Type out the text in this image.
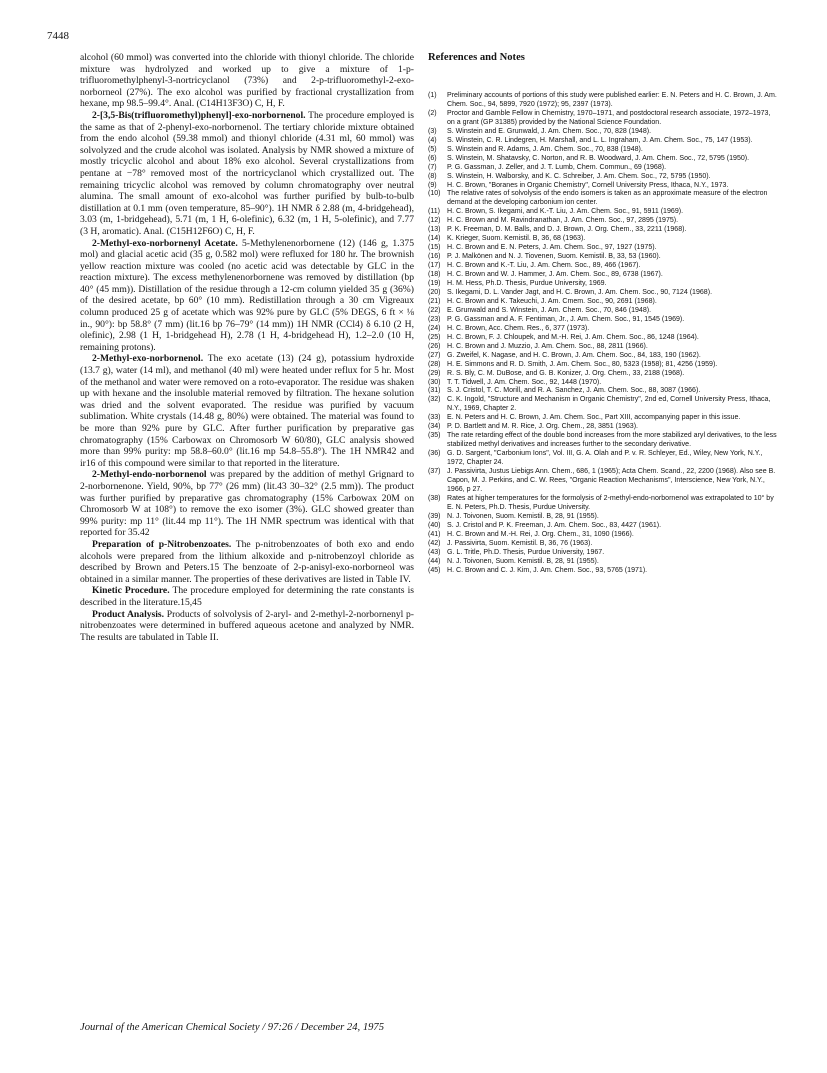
7448

alcohol (60 mmol) was converted into the chloride with thionyl chloride. The chloride mixture was hydrolyzed and worked up to give a mixture of 1-p-trifluoromethylphenyl-3-nortricyclanol (73%) and 2-p-trifluoromethyl-2-exo-norborneol (27%). The exo alcohol was purified by fractional crystallization from hexane, mp 98.5–99.4°. Anal. (C14H13F3O) C, H, F.

2-[3,5-Bis(trifluoromethyl)phenyl]-exo-norbornenol. The procedure employed is the same as that of 2-phenyl-exo-norbornenol. The tertiary chloride mixture obtained from the endo alcohol (59.38 mmol) and thionyl chloride (4.31 ml, 60 mmol) was solvolyzed and the crude alcohol was isolated. Analysis by NMR showed a mixture of mostly tricyclic alcohol and about 18% exo alcohol. Several crystallizations from pentane at −78° removed most of the nortricyclanol which crystallized out. The remaining tricyclic alcohol was removed by column chromatography over neutral alumina. The small amount of exo-alcohol was further purified by bulb-to-bulb distillation at 0.1 mm (oven temperature, 85–90°). 1H NMR δ 2.88 (m, 4-bridgehead), 3.03 (m, 1-bridgehead), 5.71 (m, 1 H, 6-olefinic), 6.32 (m, 1 H, 5-olefinic), and 7.77 (3 H, aromatic). Anal. (C15H12F6O) C, H, F.

2-Methyl-exo-norbornenyl Acetate. 5-Methylenenorbornene (12) (146 g, 1.375 mol) and glacial acetic acid (35 g, 0.582 mol) were refluxed for 180 hr. The brownish yellow reaction mixture was cooled (no acetic acid was detectable by GLC in the reaction mixture). The excess methylenenorbornene was removed by distillation (bp 40° (45 mm)). Distillation of the residue through a 12-cm column yielded 35 g (36%) of the desired acetate, bp 60° (10 mm). Redistillation through a 30 cm Vigreaux column produced 25 g of acetate which was 92% pure by GLC (5% DEGS, 6 ft × ⅛ in., 90°): bp 58.8° (7 mm) (lit.16 bp 76–79° (14 mm)) 1H NMR (CCl4) δ 6.10 (2 H, olefinic), 2.98 (1 H, 1-bridgehead H), 2.78 (1 H, 4-bridgehead H), 1.2–2.0 (10 H, remaining protons).

2-Methyl-exo-norbornenol. The exo acetate (13) (24 g), potassium hydroxide (13.7 g), water (14 ml), and methanol (40 ml) were heated under reflux for 5 hr. Most of the methanol and water were removed on a roto-evaporator. The residue was shaken up with hexane and the insoluble material removed by filtration. The hexane solution was dried and the solvent evaporated. The residue was purified by vacuum sublimation. White crystals (14.48 g, 80%) were obtained. The material was found to be more than 92% pure by GLC. After further purification by preparative gas chromatography (15% Carbowax on Chromosorb W 60/80), GLC analysis showed more than 99% purity: mp 58.8–60.0° (lit.16 mp 54.8–55.8°). The 1H NMR42 and ir16 of this compound were similar to that reported in the literature.

2-Methyl-endo-norbornenol was prepared by the addition of methyl Grignard to 2-norbornenone. Yield, 90%, bp 77° (26 mm) (lit.43 30–32° (2.5 mm)). The product was further purified by preparative gas chromatography (15% Carbowax 20M on Chromosorb W at 108°) to remove the exo isomer (3%). GLC showed greater than 99% purity: mp 11° (lit.44 mp 11°). The 1H NMR spectrum was identical with that reported for 35.42

Preparation of p-Nitrobenzoates. The p-nitrobenzoates of both exo and endo alcohols were prepared from the lithium alkoxide and p-nitrobenzoyl chloride as described by Brown and Peters.15 The benzoate of 2-p-anisyl-exo-norborneol was obtained in a similar manner. The properties of these derivatives are listed in Table IV.

Kinetic Procedure. The procedure employed for determining the rate constants is described in the literature.15,45

Product Analysis. Products of solvolysis of 2-aryl- and 2-methyl-2-norbornenyl p-nitrobenzoates were determined in buffered aqueous acetone and analyzed by NMR. The results are tabulated in Table II.

References and Notes
(1)	Preliminary accounts of portions of this study were published earlier: E. N. Peters and H. C. Brown, J. Am. Chem. Soc., 94, 5899, 7920 (1972); 95, 2397 (1973).
(2)	Proctor and Gamble Fellow in Chemistry, 1970–1971, and postdoctoral research associate, 1972–1973, on a grant (GP 31385) provided by the National Science Foundation.
(3)	S. Winstein and E. Grunwald, J. Am. Chem. Soc., 70, 828 (1948).
(4)	S. Winstein, C. R. Lindegren, H. Marshall, and L. L. Ingraham, J. Am. Chem. Soc., 75, 147 (1953).
(5)	S. Winstein and R. Adams, J. Am. Chem. Soc., 70, 838 (1948).
(6)	S. Winstein, M. Shatavsky, C. Norton, and R. B. Woodward, J. Am. Chem. Soc., 72, 5795 (1950).
(7)	P. G. Gassman, J. Zeller, and J. T. Lumb, Chem. Commun., 69 (1968).
(8)	S. Winstein, H. Walborsky, and K. C. Schreiber, J. Am. Chem. Soc., 72, 5795 (1950).
(9)	H. C. Brown, "Boranes in Organic Chemistry", Cornell University Press, Ithaca, N.Y., 1973.
(10) The relative rates of solvolysis of the endo isomers is taken as an approximate measure of the electron demand at the developing carbonium ion center.
(11) H. C. Brown, S. Ikegami, and K.-T. Liu, J. Am. Chem. Soc., 91, 5911 (1969).
(12) H. C. Brown and M. Ravindranathan, J. Am. Chem. Soc., 97, 2895 (1975).
(13) P. K. Freeman, D. M. Balls, and D. J. Brown, J. Org. Chem., 33, 2211 (1968).
(14) K. Krieger, Suom. Kemistil. B, 36, 68 (1963).
(15) H. C. Brown and E. N. Peters, J. Am. Chem. Soc., 97, 1927 (1975).
(16) P. J. Malkönen and N. J. Tiovenen, Suom. Kemistil. B, 33, 53 (1960).
(17) H. C. Brown and K.-T. Liu, J. Am. Chem. Soc., 89, 466 (1967).
(18) H. C. Brown and W. J. Hammer, J. Am. Chem. Soc., 89, 6738 (1967).
(19) H. M. Hess, Ph.D. Thesis, Purdue University, 1969.
(20) S. Ikegami, D. L. Vander Jagt, and H. C. Brown, J. Am. Chem. Soc., 90, 7124 (1968).
(21) H. C. Brown and K. Takeuchi, J. Am. Cmem. Soc., 90, 2691 (1968).
(22) E. Grunwald and S. Winstein, J. Am. Chem. Soc., 70, 846 (1948).
(23) P. G. Gassman and A. F. Fentiman, Jr., J. Am. Chem. Soc., 91, 1545 (1969).
(24) H. C. Brown, Acc. Chem. Res., 6, 377 (1973).
(25) H. C. Brown, F. J. Chloupek, and M.-H. Rei, J. Am. Chem. Soc., 86, 1248 (1964).
(26) H. C. Brown and J. Muzzio, J. Am. Chem. Soc., 88, 2811 (1966).
(27) G. Zweifel, K. Nagase, and H. C. Brown, J. Am. Chem. Soc., 84, 183, 190 (1962).
(28) H. E. Simmons and R. D. Smith, J. Am. Chem. Soc., 80, 5323 (1958); 81, 4256 (1959).
(29) R. S. Bly, C. M. DuBose, and G. B. Konizer, J. Org. Chem., 33, 2188 (1968).
(30) T. T. Tidwell, J. Am. Chem. Soc., 92, 1448 (1970).
(31) S. J. Cristol, T. C. Morill, and R. A. Sanchez, J. Am. Chem. Soc., 88, 3087 (1966).
(32) C. K. Ingold, "Structure and Mechanism in Organic Chemistry", 2nd ed, Cornell University Press, Ithaca, N.Y., 1969, Chapter 2.
(33) E. N. Peters and H. C. Brown, J. Am. Chem. Soc., Part XIII, accompanying paper in this issue.
(34) P. D. Bartlett and M. R. Rice, J. Org. Chem., 28, 3851 (1963).
(35) The rate retarding effect of the double bond increases from the more stabilized aryl derivatives, to the less stabilized methyl derivatives and increases further to the secondary derivative.
(36) G. D. Sargent, "Carbonium Ions", Vol. III, G. A. Olah and P. v. R. Schleyer, Ed., Wiley, New York, N.Y., 1972, Chapter 24.
(37) J. Passivirta, Justus Liebigs Ann. Chem., 686, 1 (1965); Acta Chem. Scand., 22, 2200 (1968). Also see B. Capon, M. J. Perkins, and C. W. Rees, "Organic Reaction Mechanisms", Interscience, New York, N.Y., 1966, p 27.
(38) Rates at higher temperatures for the formolysis of 2-methyl-endo-norbornenol was extrapolated to 10° by E. N. Peters, Ph.D. Thesis, Purdue University.
(39) N. J. Toivonen, Suom. Kemistil. B, 28, 91 (1955).
(40) S. J. Cristol and P. K. Freeman, J. Am. Chem. Soc., 83, 4427 (1961).
(41) H. C. Brown and M.-H. Rei, J. Org. Chem., 31, 1090 (1966).
(42) J. Passivirta, Suom. Kemistil. B, 36, 76 (1963).
(43) G. L. Tritle, Ph.D. Thesis, Purdue University, 1967.
(44) N. J. Toivonen, Suom. Kemistil. B, 28, 91 (1955).
(45) H. C. Brown and C. J. Kim, J. Am. Chem. Soc., 93, 5765 (1971).
Journal of the American Chemical Society / 97:26 / December 24, 1975
